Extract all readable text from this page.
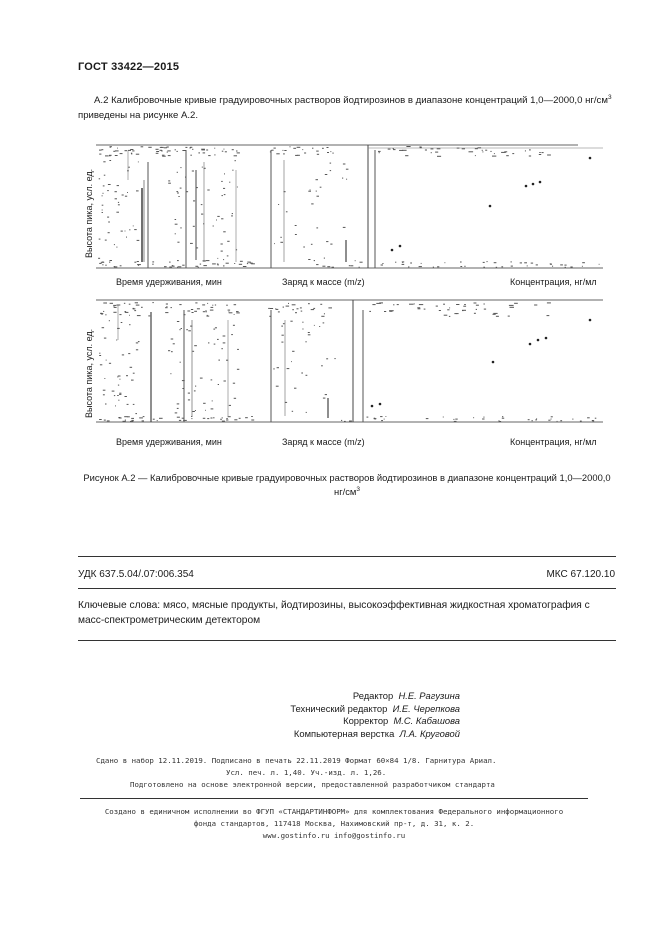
ГОСТ 33422—2015
А.2 Калибровочные кривые градуировочных растворов йодтирозинов в диапазоне концентраций 1,0—2000,0 $нг/см^3$ приведены на рисунке А.2.
Высота пика, усл. ед.
Время удерживания, мин	Заряд к массе (m/z)	Концентрация, нг/мл
Высота пика, усл. ед.
Время удерживания, мин	Заряд к массе (m/z)	Концентрация, нг/мл
Рисунок А.2 — Калибровочные кривые градуировочных растворов йодтирозинов в диапазоне концентраций 1,0—2000,0 $нг/см^3$
УДК 637.5.04/.07:006.354	МКС 67.120.10
Ключевые слова: мясо, мясные продукты, йодтирозины, высокоэффективная жидкостная хроматография с масс-спектрометрическим детектором
Редактор Н.Е. Рагузина
Технический редактор И.Е. Черепкова
Корректор М.С. Кабашова
Компьютерная верстка Л.А. Круговой
Сдано в набор 12.11.2019. Подписано в печать 22.11.2019 Формат 60×84 1/8. Гарнитура Ариал.
Усл. печ. л. 1,40. Уч.-изд. л. 1,26.
Подготовлено на основе электронной версии, предоставленной разработчиком стандарта
Создано в единичном исполнении во ФГУП «СТАНДАРТИНФОРМ» для комплектования Федерального информационного
фонда стандартов, 117418 Москва, Нахимовский пр-т, д. 31, к. 2.
www.gostinfo.ru info@gostinfo.ru
